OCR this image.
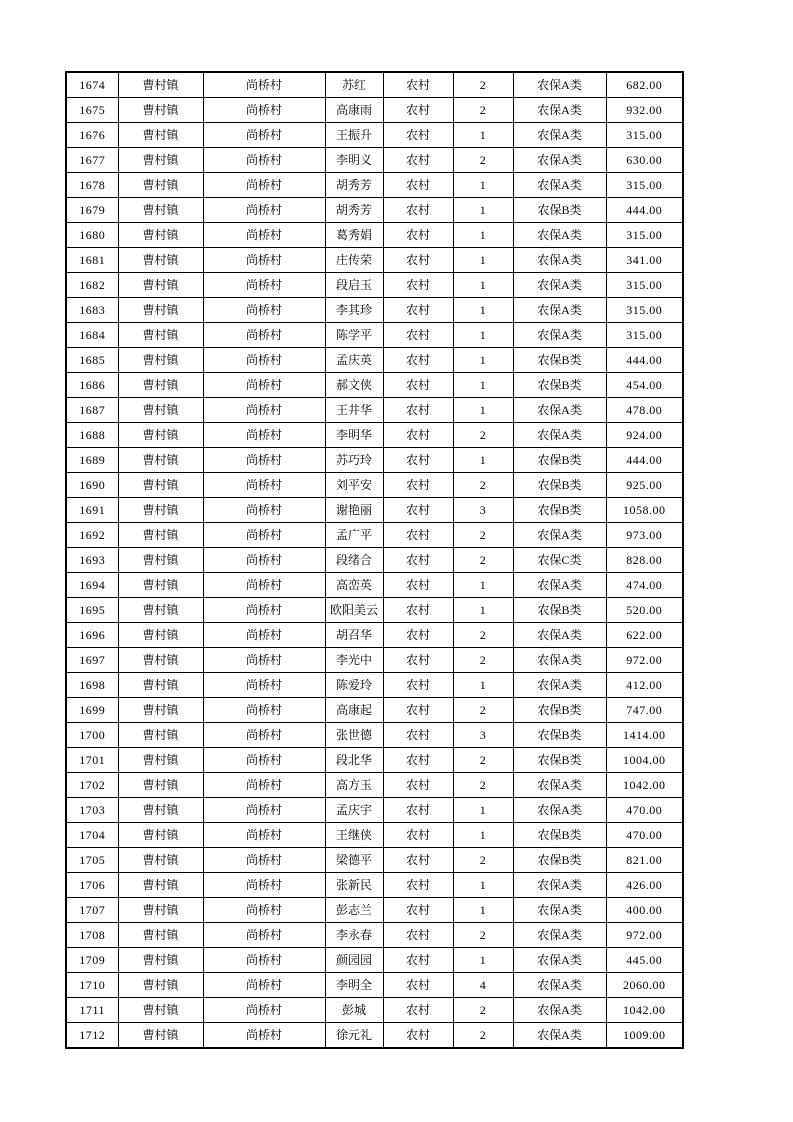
1674	曹村镇	尚桥村	苏红	农村	2	农保A类	682.00
1675	曹村镇	尚桥村	高康雨	农村	2	农保A类	932.00
1676	曹村镇	尚桥村	王振升	农村	1	农保A类	315.00
1677	曹村镇	尚桥村	李明义	农村	2	农保A类	630.00
1678	曹村镇	尚桥村	胡秀芳	农村	1	农保A类	315.00
1679	曹村镇	尚桥村	胡秀芳	农村	1	农保B类	444.00
1680	曹村镇	尚桥村	葛秀娟	农村	1	农保A类	315.00
1681	曹村镇	尚桥村	庄传荣	农村	1	农保A类	341.00
1682	曹村镇	尚桥村	段启玉	农村	1	农保A类	315.00
1683	曹村镇	尚桥村	李其珍	农村	1	农保A类	315.00
1684	曹村镇	尚桥村	陈学平	农村	1	农保A类	315.00
1685	曹村镇	尚桥村	孟庆英	农村	1	农保B类	444.00
1686	曹村镇	尚桥村	郝文侠	农村	1	农保B类	454.00
1687	曹村镇	尚桥村	王井华	农村	1	农保A类	478.00
1688	曹村镇	尚桥村	李明华	农村	2	农保A类	924.00
1689	曹村镇	尚桥村	苏巧玲	农村	1	农保B类	444.00
1690	曹村镇	尚桥村	刘平安	农村	2	农保B类	925.00
1691	曹村镇	尚桥村	谢艳丽	农村	3	农保B类	1058.00
1692	曹村镇	尚桥村	孟广平	农村	2	农保A类	973.00
1693	曹村镇	尚桥村	段绪合	农村	2	农保C类	828.00
1694	曹村镇	尚桥村	高峦英	农村	1	农保A类	474.00
1695	曹村镇	尚桥村	欧阳美云	农村	1	农保B类	520.00
1696	曹村镇	尚桥村	胡召华	农村	2	农保A类	622.00
1697	曹村镇	尚桥村	李光中	农村	2	农保A类	972.00
1698	曹村镇	尚桥村	陈爱玲	农村	1	农保A类	412.00
1699	曹村镇	尚桥村	高康起	农村	2	农保B类	747.00
1700	曹村镇	尚桥村	张世德	农村	3	农保B类	1414.00
1701	曹村镇	尚桥村	段北华	农村	2	农保B类	1004.00
1702	曹村镇	尚桥村	高方玉	农村	2	农保A类	1042.00
1703	曹村镇	尚桥村	孟庆宇	农村	1	农保A类	470.00
1704	曹村镇	尚桥村	王继侠	农村	1	农保B类	470.00
1705	曹村镇	尚桥村	梁德平	农村	2	农保B类	821.00
1706	曹村镇	尚桥村	张新民	农村	1	农保A类	426.00
1707	曹村镇	尚桥村	彭志兰	农村	1	农保A类	400.00
1708	曹村镇	尚桥村	李永春	农村	2	农保A类	972.00
1709	曹村镇	尚桥村	颜园园	农村	1	农保A类	445.00
1710	曹村镇	尚桥村	李明全	农村	4	农保A类	2060.00
1711	曹村镇	尚桥村	彭城	农村	2	农保A类	1042.00
1712	曹村镇	尚桥村	徐元礼	农村	2	农保A类	1009.00
